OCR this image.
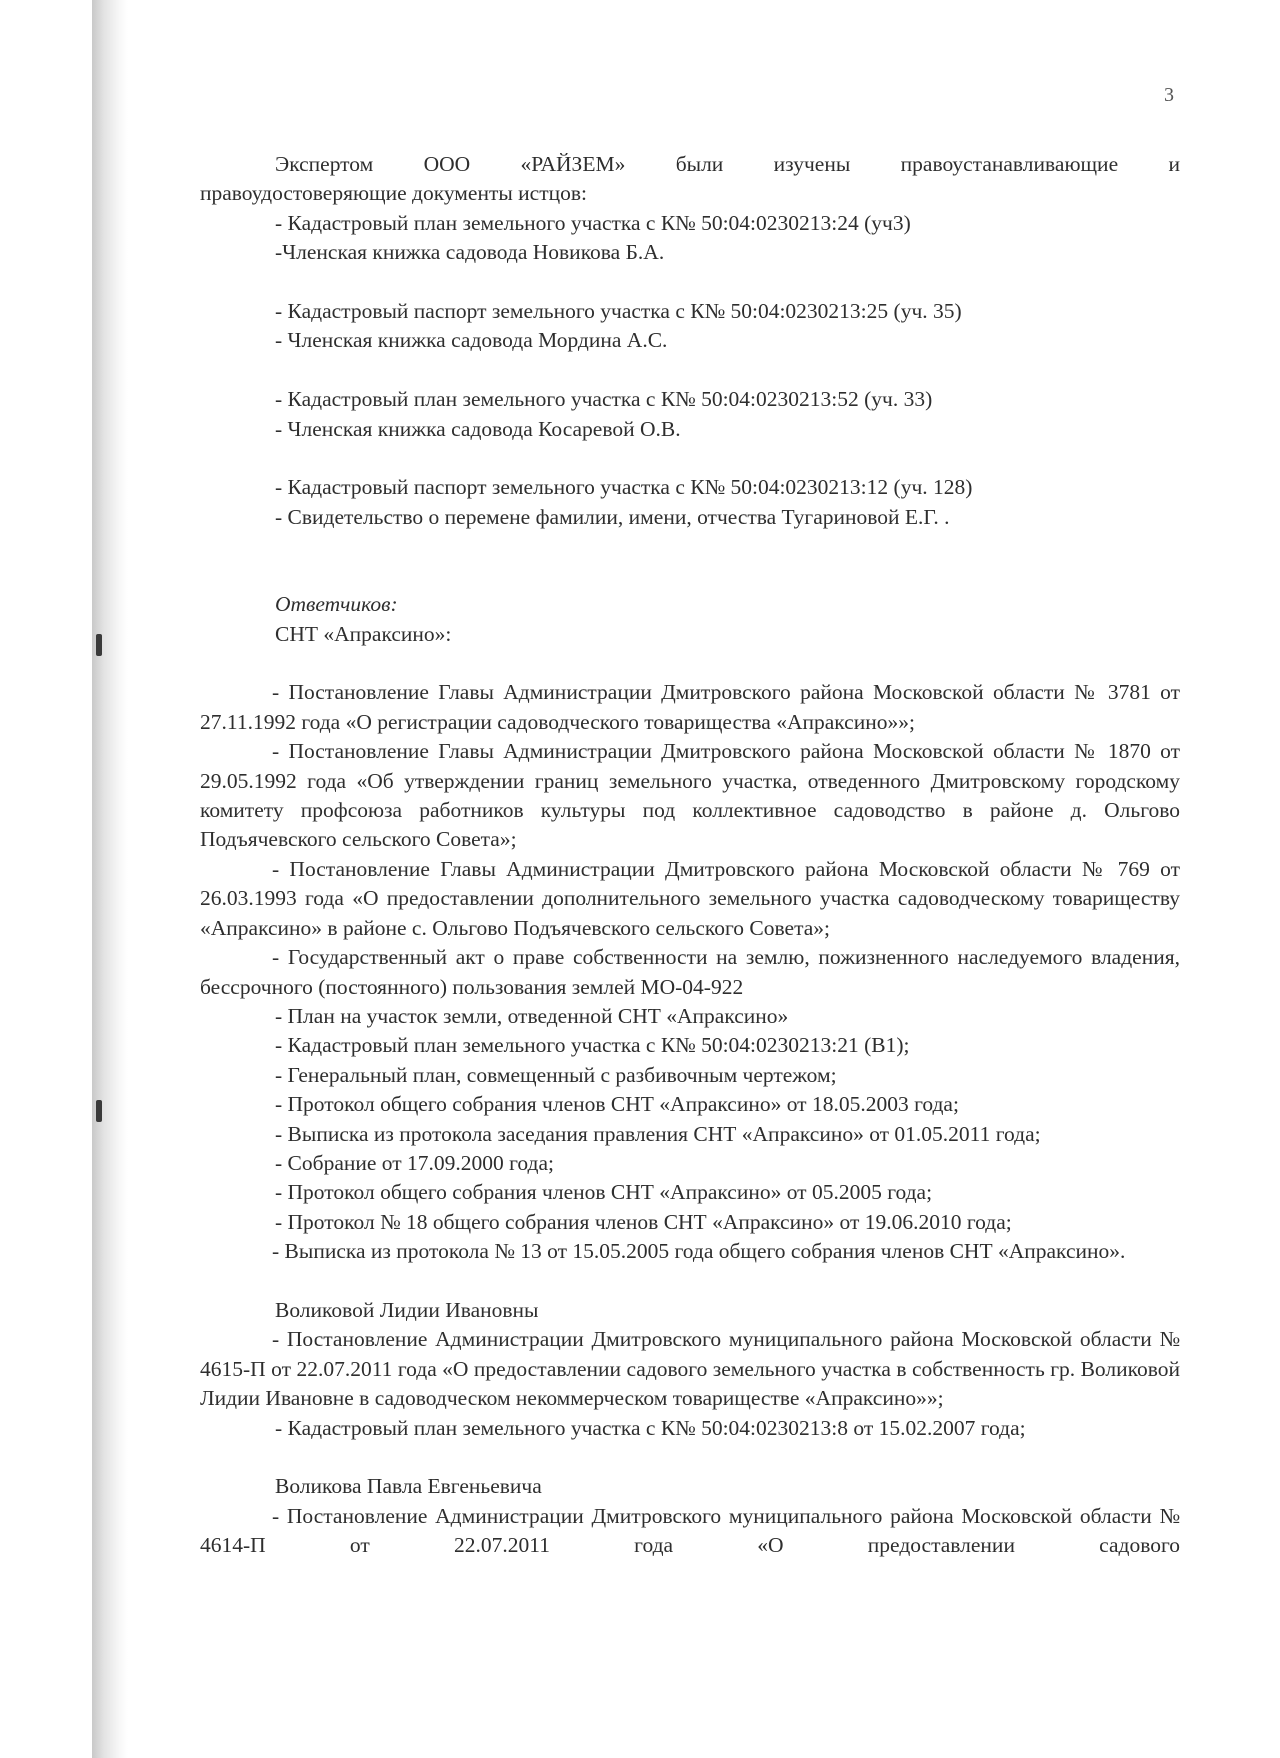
3

Экспертом ООО «РАЙЗЕМ» были изучены правоустанавливающие и

правоудостоверяющие документы истцов:

- Кадастровый план земельного участка с К№ 50:04:0230213:24 (уч3)

-Членская книжка садовода Новикова Б.А.

- Кадастровый паспорт земельного участка с К№ 50:04:0230213:25 (уч. 35)

- Членская книжка садовода Мордина А.С.

- Кадастровый план земельного участка с К№ 50:04:0230213:52 (уч. 33)

- Членская книжка садовода Косаревой О.В.

- Кадастровый паспорт земельного участка с К№ 50:04:0230213:12 (уч. 128)

- Свидетельство о перемене фамилии, имени, отчества Тугариновой Е.Г. .

Ответчиков:

СНТ «Апраксино»:

- Постановление Главы Администрации Дмитровского района Московской области № 3781 от 27.11.1992 года «О регистрации садоводческого товарищества «Апраксино»»;

- Постановление Главы Администрации Дмитровского района Московской области № 1870 от 29.05.1992 года «Об утверждении границ земельного участка, отведенного Дмитровскому городскому комитету профсоюза работников культуры под коллективное садоводство в районе д. Ольгово Подъячевского сельского Совета»;

- Постановление Главы Администрации Дмитровского района Московской области № 769 от 26.03.1993 года «О предоставлении дополнительного земельного участка садоводческому товариществу «Апраксино» в районе с. Ольгово Подъячевского сельского Совета»;

- Государственный акт о праве собственности на землю, пожизненного наследуемого владения, бессрочного (постоянного) пользования землей МО-04-922

- План на участок земли, отведенной СНТ «Апраксино»

- Кадастровый план земельного участка с К№ 50:04:0230213:21 (В1);

- Генеральный план, совмещенный с разбивочным чертежом;

- Протокол общего собрания членов СНТ «Апраксино» от 18.05.2003 года;

- Выписка из протокола заседания правления СНТ «Апраксино» от 01.05.2011 года;

- Собрание от 17.09.2000 года;

- Протокол общего собрания членов СНТ «Апраксино» от 05.2005 года;

- Протокол № 18 общего собрания членов СНТ «Апраксино» от 19.06.2010 года;

- Выписка из протокола № 13 от 15.05.2005 года общего собрания членов СНТ «Апраксино».

Воликовой Лидии Ивановны

- Постановление Администрации Дмитровского муниципального района Московской области № 4615-П от 22.07.2011 года «О предоставлении садового земельного участка в собственность гр. Воликовой Лидии Ивановне в садоводческом некоммерческом товариществе «Апраксино»»;

- Кадастровый план земельного участка с К№ 50:04:0230213:8 от 15.02.2007 года;

Воликова Павла Евгеньевича

- Постановление Администрации Дмитровского муниципального района Московской области № 4614-П от 22.07.2011 года «О предоставлении садового
